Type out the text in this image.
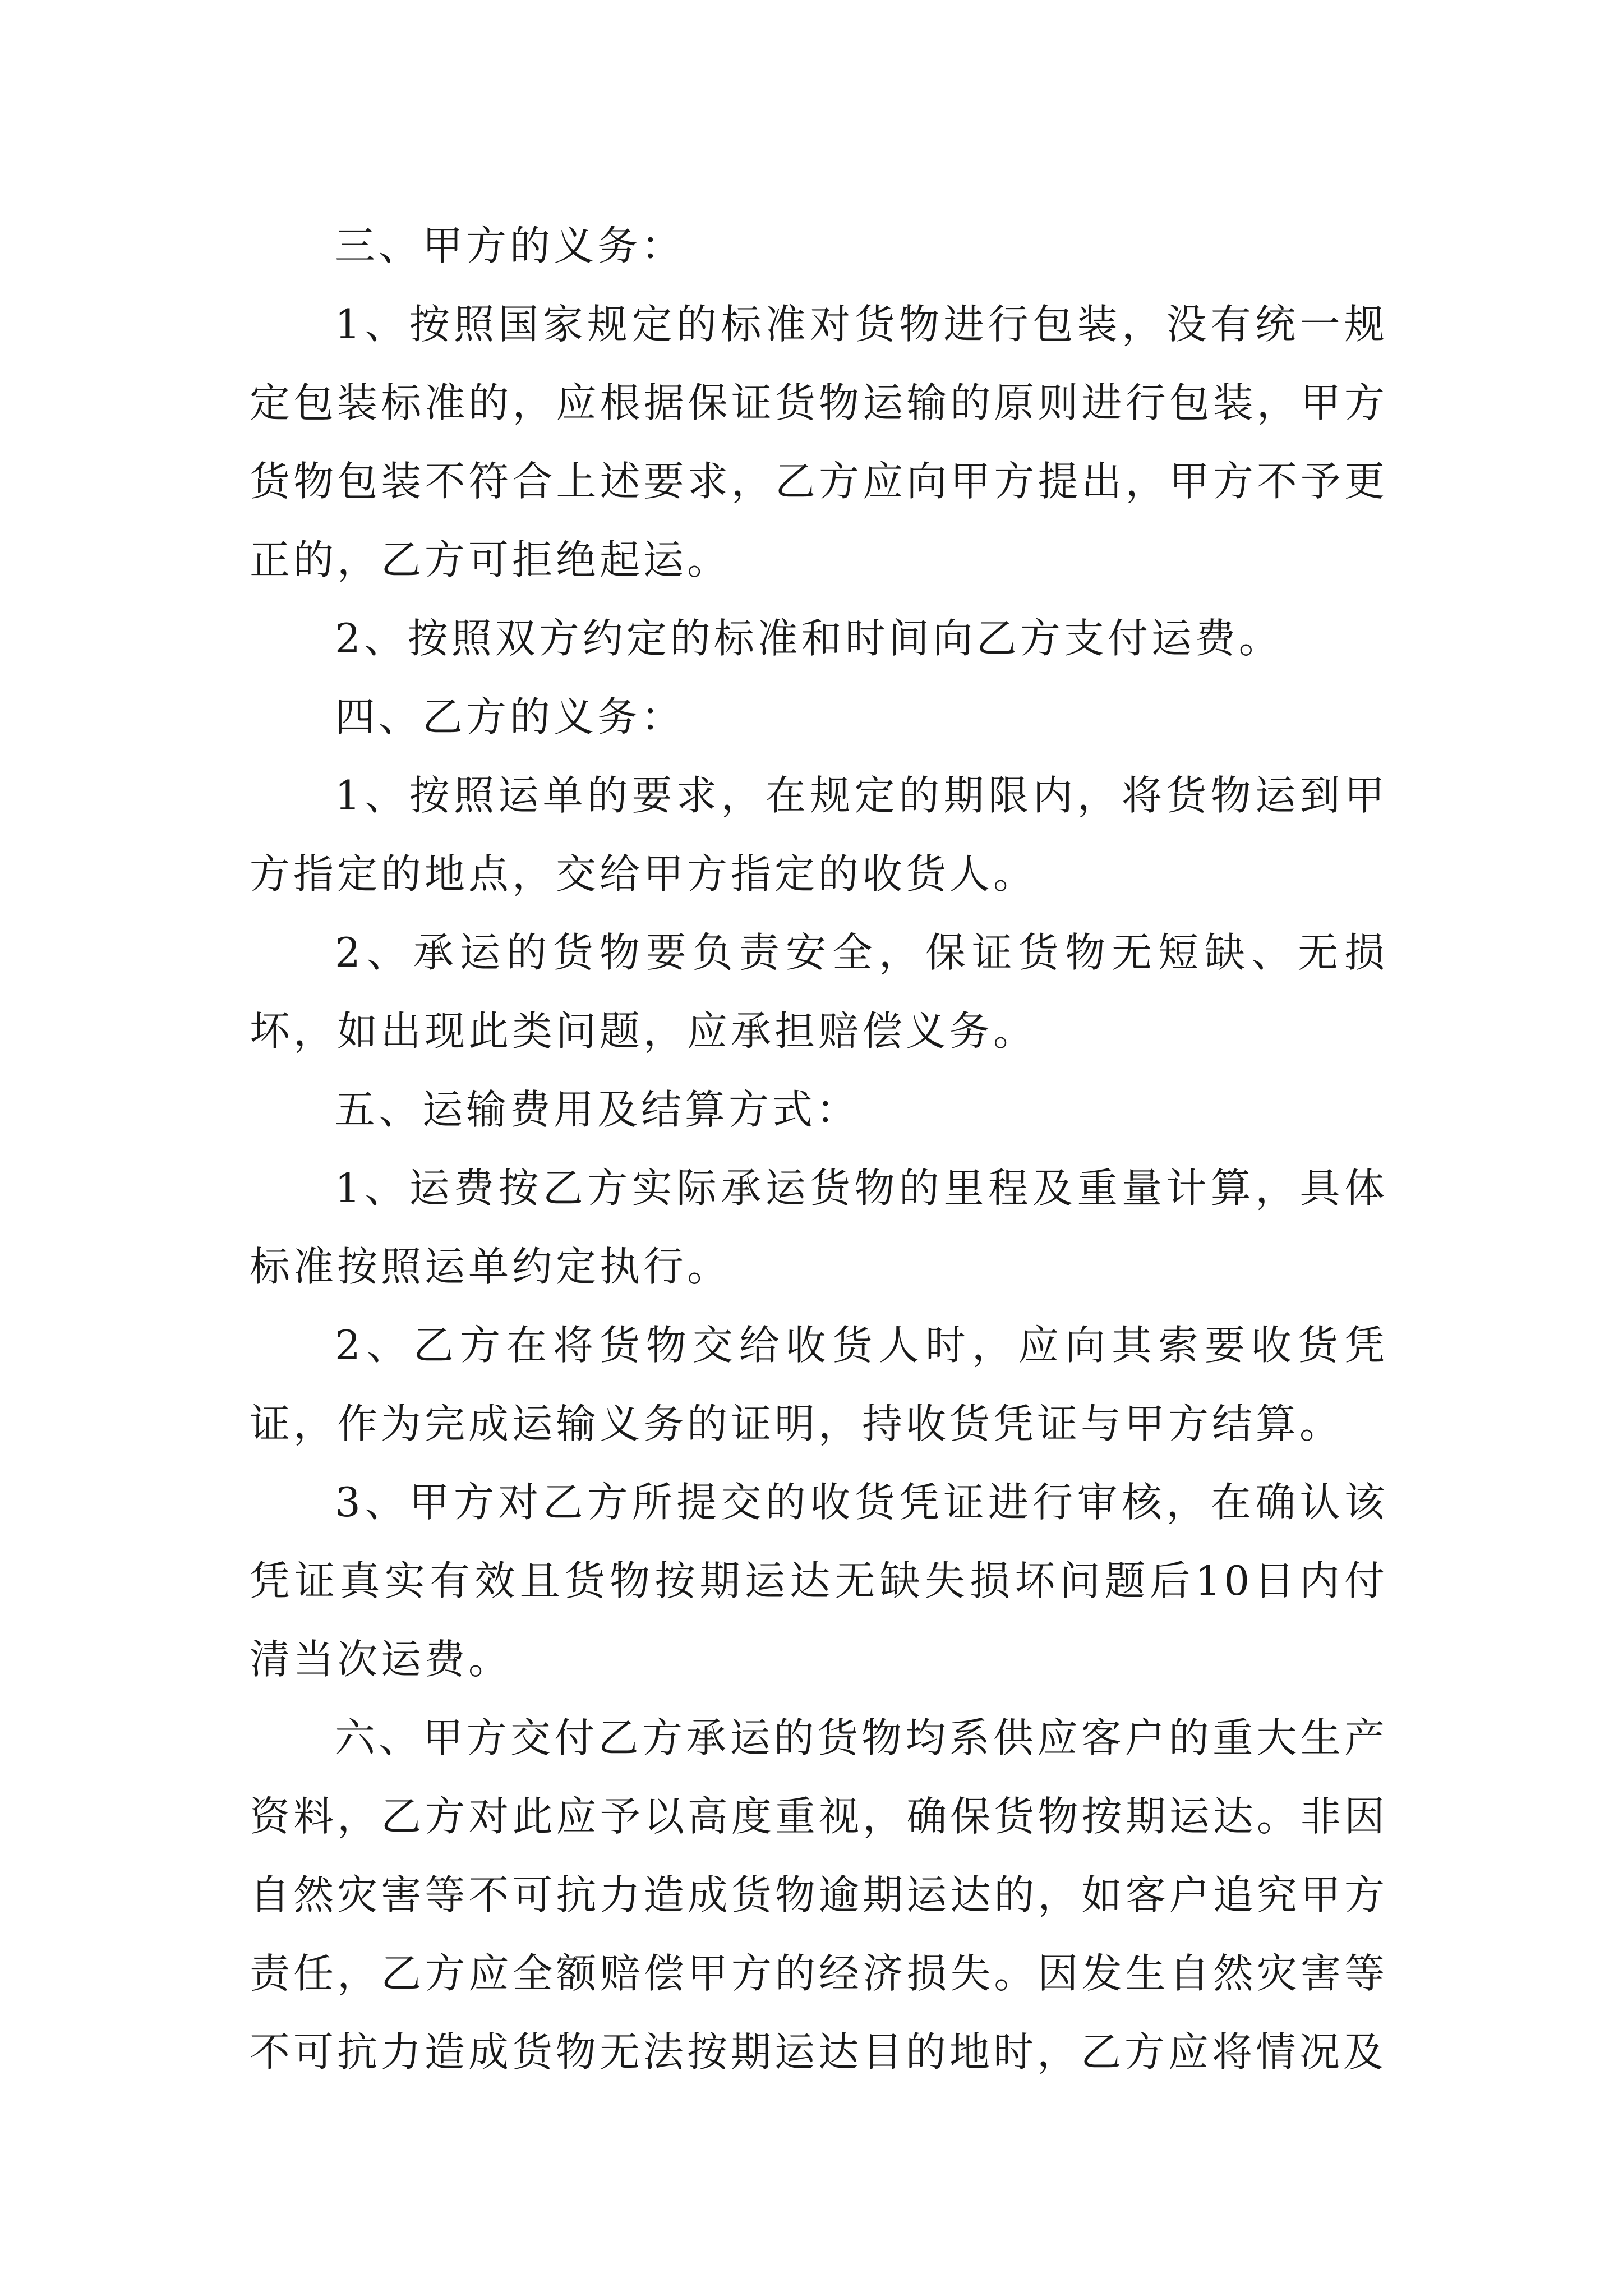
三、甲方的义务：

1、按照国家规定的标准对货物进行包装，没有统一规定包装标准的，应根据保证货物运输的原则进行包装，甲方货物包装不符合上述要求，乙方应向甲方提出，甲方不予更正的，乙方可拒绝起运。

2、按照双方约定的标准和时间向乙方支付运费。

四、乙方的义务：

1、按照运单的要求，在规定的期限内，将货物运到甲方指定的地点，交给甲方指定的收货人。

2、承运的货物要负责安全，保证货物无短缺、无损坏，如出现此类问题，应承担赔偿义务。

五、运输费用及结算方式：

1、运费按乙方实际承运货物的里程及重量计算，具体标准按照运单约定执行。

2、乙方在将货物交给收货人时，应向其索要收货凭证，作为完成运输义务的证明，持收货凭证与甲方结算。

3、甲方对乙方所提交的收货凭证进行审核，在确认该凭证真实有效且货物按期运达无缺失损坏问题后10日内付清当次运费。

六、甲方交付乙方承运的货物均系供应客户的重大生产资料，乙方对此应予以高度重视，确保货物按期运达。非因自然灾害等不可抗力造成货物逾期运达的，如客户追究甲方责任，乙方应全额赔偿甲方的经济损失。因发生自然灾害等不可抗力造成货物无法按期运达目的地时，乙方应将情况及
